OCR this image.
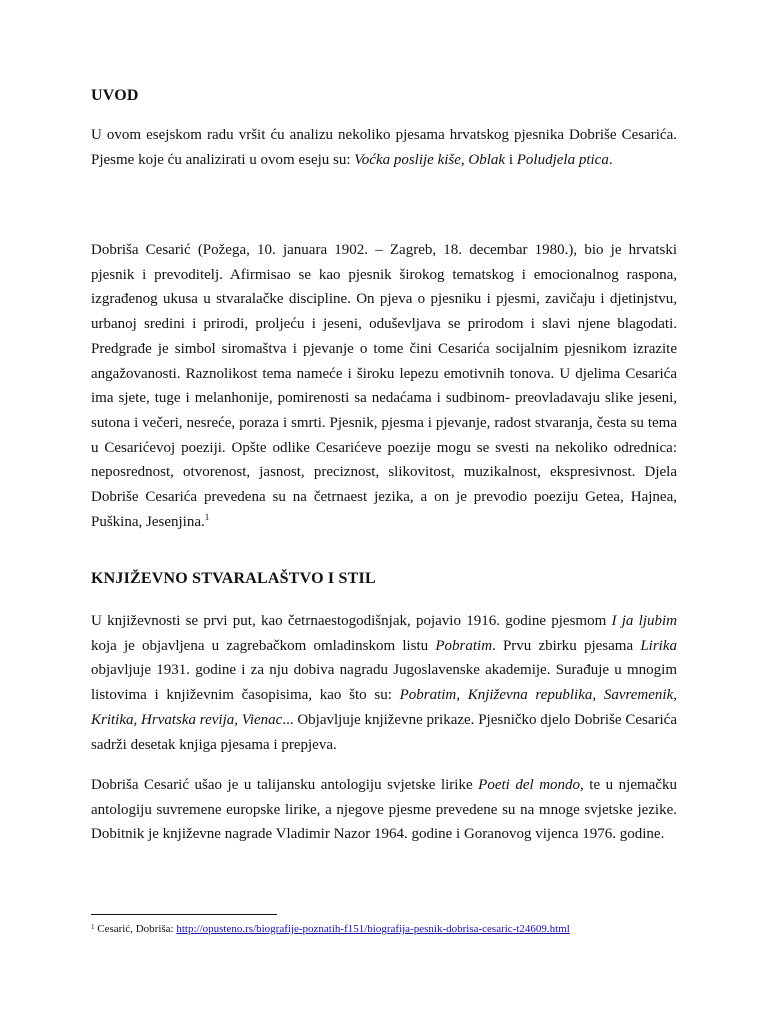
UVOD

U ovom esejskom radu vršit ću analizu nekoliko pjesama hrvatskog pjesnika Dobriše Cesarića. Pjesme koje ću analizirati u ovom eseju su: Voćka poslije kiše, Oblak i Poludjela ptica.

Dobriša Cesarić (Požega, 10. januara 1902. – Zagreb, 18. decembar 1980.), bio je hrvatski pjesnik i prevoditelj. Afirmisao se kao pjesnik širokog tematskog i emocionalnog raspona, izgrađenog ukusa u stvaralačke discipline. On pjeva o pjesniku i pjesmi, zavičaju i djetinjstvu, urbanoj sredini i prirodi, proljeću i jeseni, oduševljava se prirodom i slavi njene blagodati. Predgrađe je simbol siromaštva i pjevanje o tome čini Cesarića socijalnim pjesnikom izrazite angažovanosti. Raznolikost tema nameće i široku lepezu emotivnih tonova. U djelima Cesarića ima sjete, tuge i melanhonije, pomirenosti sa nedaćama i sudbinom- preovladavaju slike jeseni, sutona i večeri, nesreće, poraza i smrti. Pjesnik, pjesma i pjevanje, radost stvaranja, česta su tema u Cesarićevoj poeziji. Opšte odlike Cesarićeve poezije mogu se svesti na nekoliko odrednica: neposrednost, otvorenost, jasnost, preciznost, slikovitost, muzikalnost, ekspresivnost. Djela Dobriše Cesarića prevedena su na četrnaest jezika, a on je prevodio poeziju Getea, Hajnea, Puškina, Jesenjina.$^1$

KNJIŽEVNO STVARALAŠTVO I STIL

U književnosti se prvi put, kao četrnaestogodišnjak, pojavio 1916. godine pjesmom I ja ljubim koja je objavljena u zagrebačkom omladinskom listu Pobratim. Prvu zbirku pjesama Lirika objavljuje 1931. godine i za nju dobiva nagradu Jugoslavenske akademije. Surađuje u mnogim listovima i književnim časopisima, kao što su: Pobratim, Književna republika, Savremenik, Kritika, Hrvatska revija, Vienac... Objavljuje književne prikaze. Pjesničko djelo Dobriše Cesarića sadrži desetak knjiga pjesama i prepjeva.

Dobriša Cesarić ušao je u talijansku antologiju svjetske lirike Poeti del mondo, te u njemačku antologiju suvremene europske lirike, a njegove pjesme prevedene su na mnoge svjetske jezike. Dobitnik je književne nagrade Vladimir Nazor 1964. godine i Goranovog vijenca 1976. godine.

$^1$ Cesarić, Dobriša: http://opusteno.rs/biografije-poznatih-f151/biografija-pesnik-dobrisa-cesaric-t24609.html
